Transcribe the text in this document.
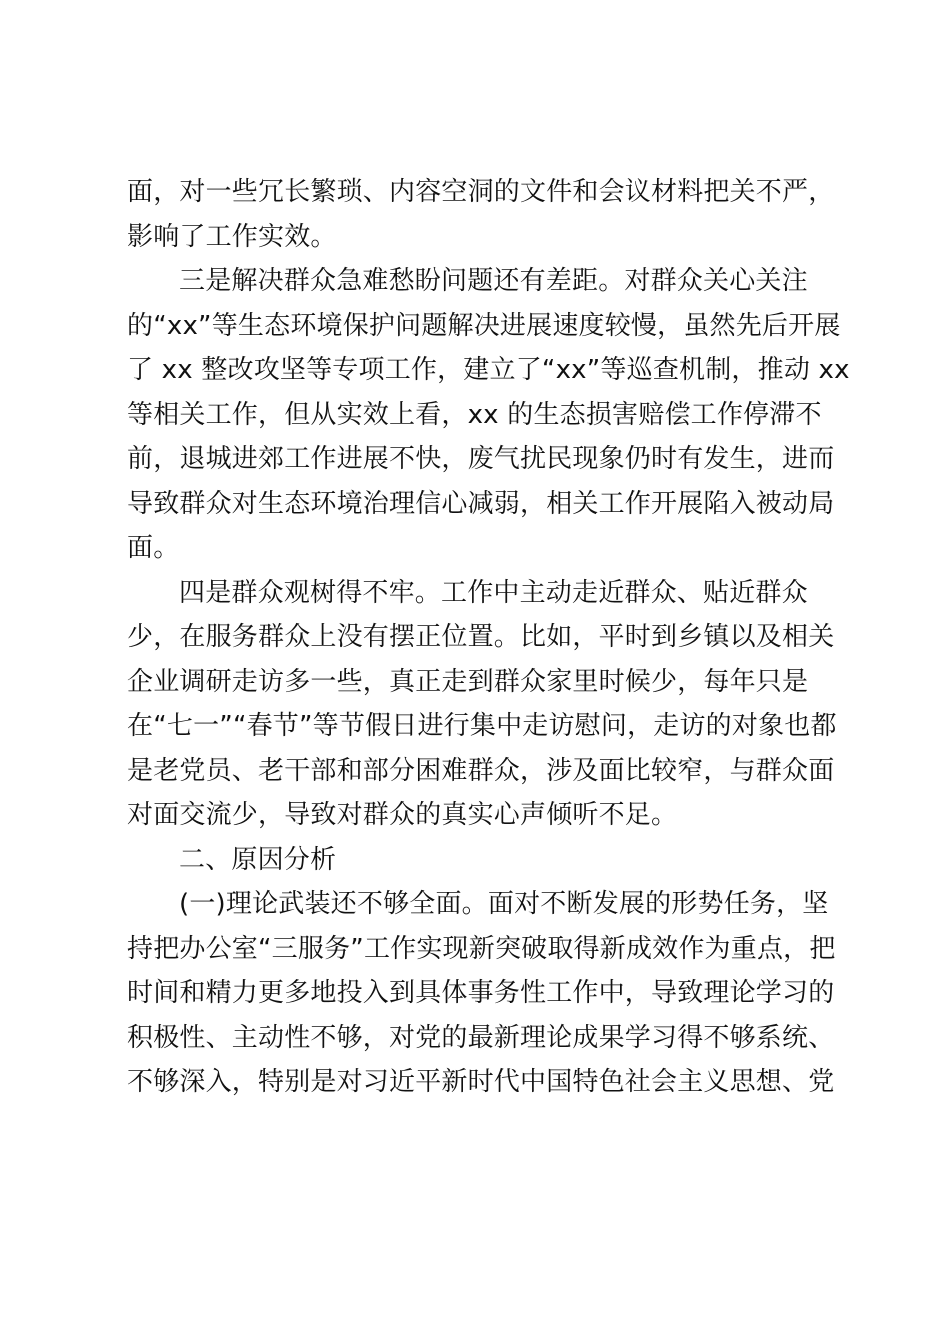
面，对一些冗长繁琐、内容空洞的文件和会议材料把关不严，
影响了工作实效。
三是解决群众急难愁盼问题还有差距。对群众关心关注
的“xx”等生态环境保护问题解决进展速度较慢，虽然先后开展
了 xx 整改攻坚等专项工作，建立了“xx”等巡查机制，推动 xx
等相关工作，但从实效上看，xx 的生态损害赔偿工作停滞不
前，退城进郊工作进展不快，废气扰民现象仍时有发生，进而
导致群众对生态环境治理信心减弱，相关工作开展陷入被动局
面。
四是群众观树得不牢。工作中主动走近群众、贴近群众
少，在服务群众上没有摆正位置。比如，平时到乡镇以及相关
企业调研走访多一些，真正走到群众家里时候少，每年只是
在“七一”“春节”等节假日进行集中走访慰问，走访的对象也都
是老党员、老干部和部分困难群众，涉及面比较窄，与群众面
对面交流少，导致对群众的真实心声倾听不足。
二、原因分析
(一)理论武装还不够全面。面对不断发展的形势任务，坚
持把办公室“三服务”工作实现新突破取得新成效作为重点，把
时间和精力更多地投入到具体事务性工作中，导致理论学习的
积极性、主动性不够，对党的最新理论成果学习得不够系统、
不够深入，特别是对习近平新时代中国特色社会主义思想、党
